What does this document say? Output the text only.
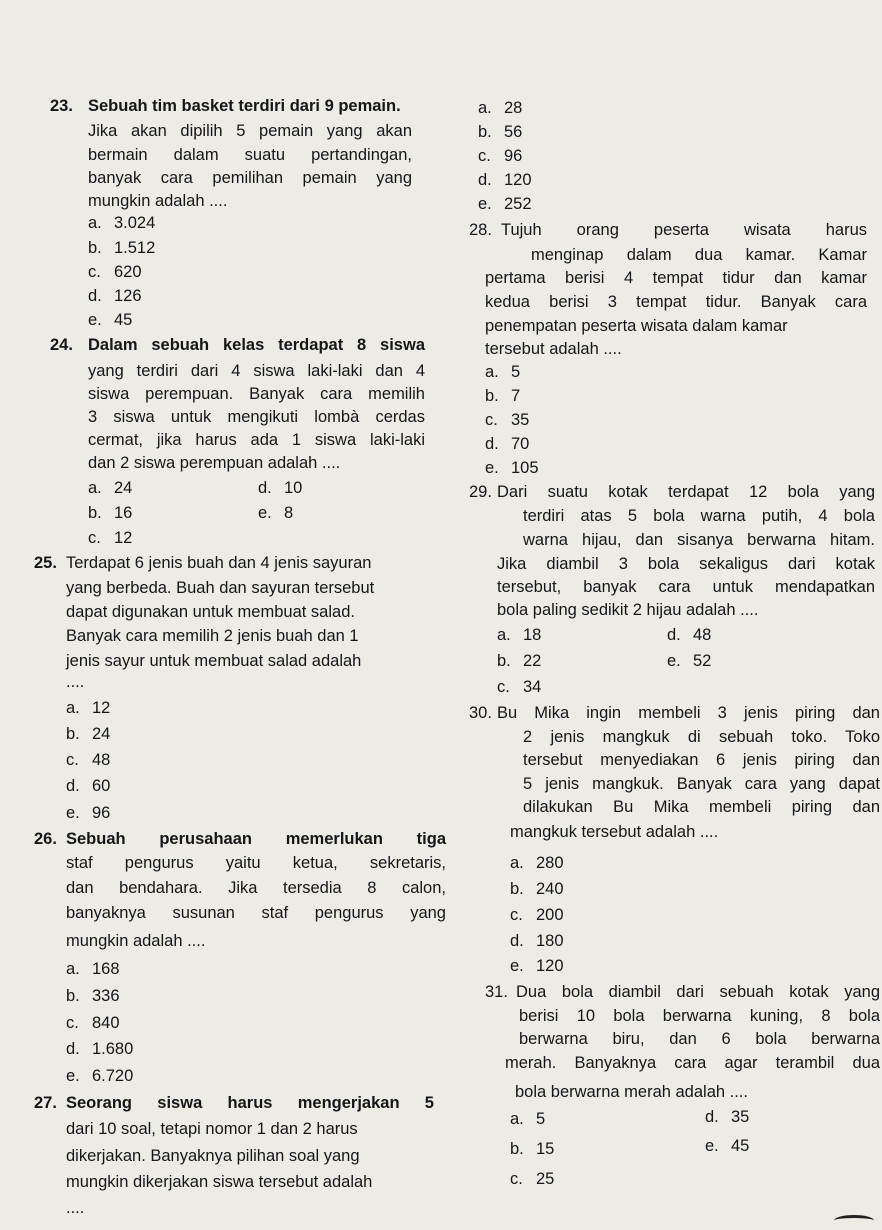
23. Sebuah tim basket terdiri dari 9 pemain.
Jika akan dipilih 5 pemain yang akan
bermain dalam suatu pertandingan,
banyak cara pemilihan pemain yang
mungkin adalah ....
a. 3.024
b. 1.512
c. 620
d. 126
e. 45
24. Dalam sebuah kelas terdapat 8 siswa
yang terdiri dari 4 siswa laki-laki dan 4
siswa perempuan. Banyak cara memilih
3 siswa untuk mengikuti lombà cerdas
cermat, jika harus ada 1 siswa laki-laki
dan 2 siswa perempuan adalah ....
a. 24
b. 16
c. 12
d. 10
e. 8
25. Terdapat 6 jenis buah dan 4 jenis sayuran
yang berbeda. Buah dan sayuran tersebut
dapat digunakan untuk membuat salad.
Banyak cara memilih 2 jenis buah dan 1
jenis sayur untuk membuat salad adalah
....
a. 12
b. 24
c. 48
d. 60
e. 96
26. Sebuah perusahaan memerlukan tiga
staf pengurus yaitu ketua, sekretaris,
dan bendahara. Jika tersedia 8 calon,
banyaknya susunan staf pengurus yang
mungkin adalah ....
a. 168
b. 336
c. 840
d. 1.680
e. 6.720
27. Seorang siswa harus mengerjakan 5
dari 10 soal, tetapi nomor 1 dan 2 harus
dikerjakan. Banyaknya pilihan soal yang
mungkin dikerjakan siswa tersebut adalah
....
a. 28
b. 56
c. 96
d. 120
e. 252
28. Tujuh orang peserta wisata harus
menginap dalam dua kamar. Kamar
pertama berisi 4 tempat tidur dan kamar
kedua berisi 3 tempat tidur. Banyak cara
penempatan peserta wisata dalam kamar
tersebut adalah ....
a. 5
b. 7
c. 35
d. 70
e. 105
29. Dari suatu kotak terdapat 12 bola yang
terdiri atas 5 bola warna putih, 4 bola
warna hijau, dan sisanya berwarna hitam.
Jika diambil 3 bola sekaligus dari kotak
tersebut, banyak cara untuk mendapatkan
bola paling sedikit 2 hijau adalah ....
a. 18
b. 22
c. 34
d. 48
e. 52
30. Bu Mika ingin membeli 3 jenis piring dan
2 jenis mangkuk di sebuah toko. Toko
tersebut menyediakan 6 jenis piring dan
5 jenis mangkuk. Banyak cara yang dapat
dilakukan Bu Mika membeli piring dan
mangkuk tersebut adalah ....
a. 280
b. 240
c. 200
d. 180
e. 120
31. Dua bola diambil dari sebuah kotak yang
berisi 10 bola berwarna kuning, 8 bola
berwarna biru, dan 6 bola berwarna
merah. Banyaknya cara agar terambil dua
bola berwarna merah adalah ....
a. 5
b. 15
c. 25
d. 35
e. 45
